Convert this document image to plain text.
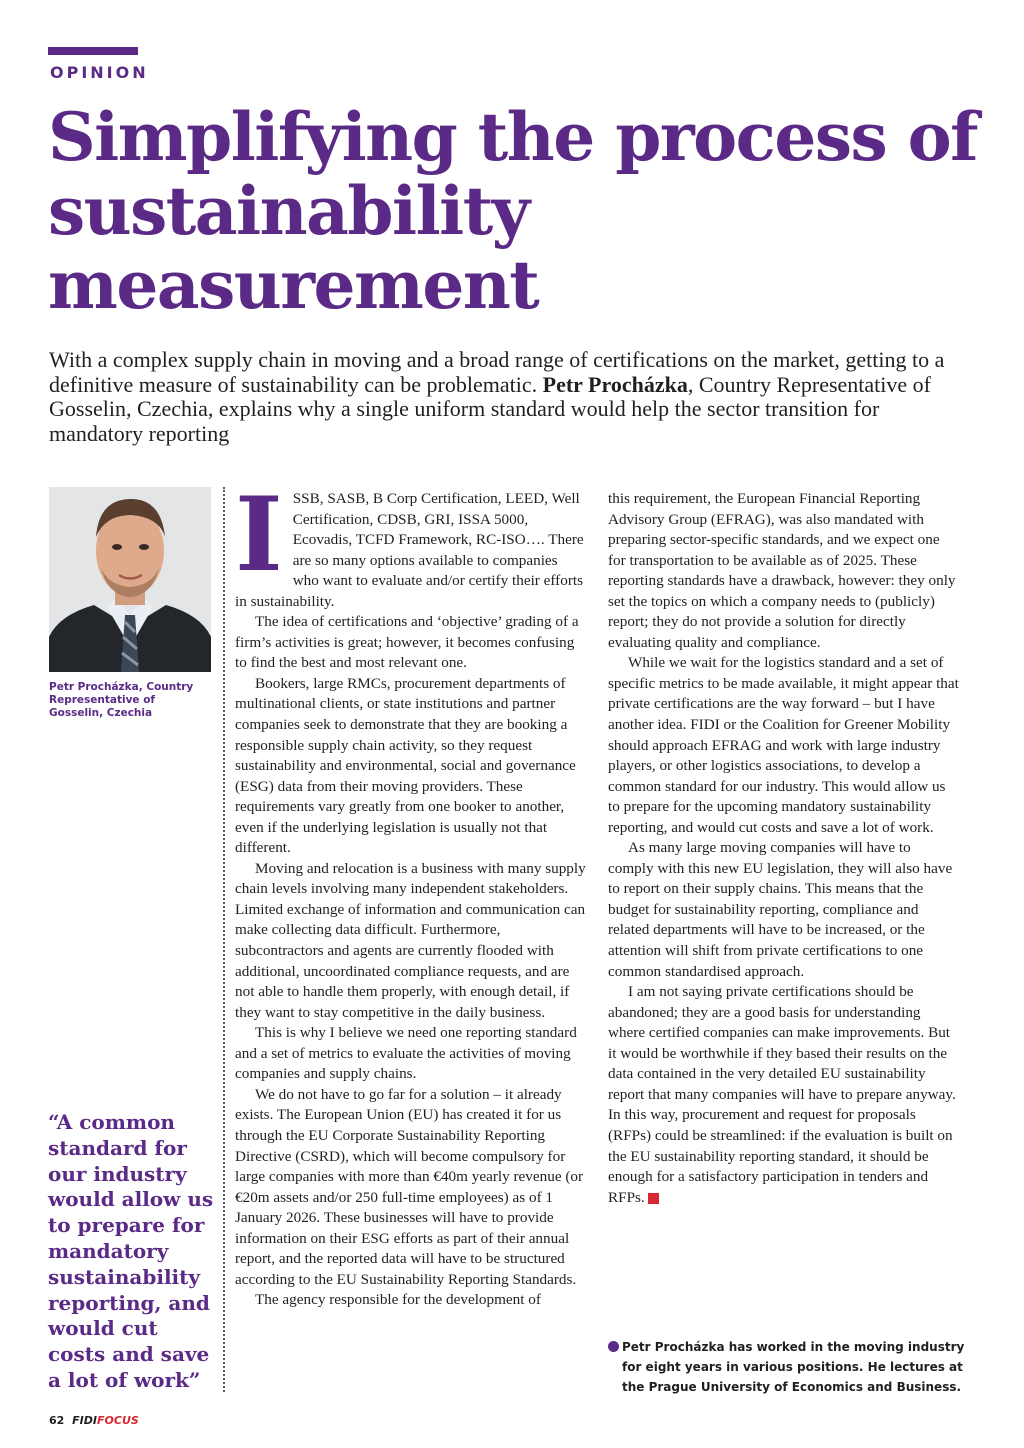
OPINION
Simplifying the process of sustainability measurement

With a complex supply chain in moving and a broad range of certifications on the market, getting to a definitive measure of sustainability can be problematic. Petr Procházka, Country Representative of Gosselin, Czechia, explains why a single uniform standard would help the sector transition for mandatory reporting

Petr Procházka, Country Representative of Gosselin, Czechia

“A common standard for our industry would allow us to prepare for mandatory sustainability reporting, and would cut costs and save a lot of work”

ISSB, SASB, B Corp Certification, LEED, Well Certification, CDSB, GRI, ISSA 5000, Ecovadis, TCFD Framework, RC-ISO…. There are so many options available to companies who want to evaluate and/or certify their efforts in sustainability.

The idea of certifications and ‘objective’ grading of a firm’s activities is great; however, it becomes confusing to find the best and most relevant one.

Bookers, large RMCs, procurement departments of multinational clients, or state institutions and partner companies seek to demonstrate that they are booking a responsible supply chain activity, so they request sustainability and environmental, social and governance (ESG) data from their moving providers. These requirements vary greatly from one booker to another, even if the underlying legislation is usually not that different.

Moving and relocation is a business with many supply chain levels involving many independent stakeholders. Limited exchange of information and communication can make collecting data difficult. Furthermore, subcontractors and agents are currently flooded with additional, uncoordinated compliance requests, and are not able to handle them properly, with enough detail, if they want to stay competitive in the daily business.

This is why I believe we need one reporting standard and a set of metrics to evaluate the activities of moving companies and supply chains.

We do not have to go far for a solution – it already exists. The European Union (EU) has created it for us through the EU Corporate Sustainability Reporting Directive (CSRD), which will become compulsory for large companies with more than €40m yearly revenue (or €20m assets and/or 250 full-time employees) as of 1 January 2026. These businesses will have to provide information on their ESG efforts as part of their annual report, and the reported data will have to be structured according to the EU Sustainability Reporting Standards.

The agency responsible for the development of

this requirement, the European Financial Reporting Advisory Group (EFRAG), was also mandated with preparing sector-specific standards, and we expect one for transportation to be available as of 2025. These reporting standards have a drawback, however: they only set the topics on which a company needs to (publicly) report; they do not provide a solution for directly evaluating quality and compliance.

While we wait for the logistics standard and a set of specific metrics to be made available, it might appear that private certifications are the way forward – but I have another idea. FIDI or the Coalition for Greener Mobility should approach EFRAG and work with large industry players, or other logistics associations, to develop a common standard for our industry. This would allow us to prepare for the upcoming mandatory sustainability reporting, and would cut costs and save a lot of work.

As many large moving companies will have to comply with this new EU legislation, they will also have to report on their supply chains. This means that the budget for sustainability reporting, compliance and related departments will have to be increased, or the attention will shift from private certifications to one common standardised approach.

I am not saying private certifications should be abandoned; they are a good basis for understanding where certified companies can make improvements. But it would be worthwhile if they based their results on the data contained in the very detailed EU sustainability report that many companies will have to prepare anyway. In this way, procurement and request for proposals (RFPs) could be streamlined: if the evaluation is built on the EU sustainability reporting standard, it should be enough for a satisfactory participation in tenders and RFPs.	FF

Petr Procházka has worked in the moving industry for eight years in various positions. He lectures at the Prague University of Economics and Business.
62 FIDIFOCUS
